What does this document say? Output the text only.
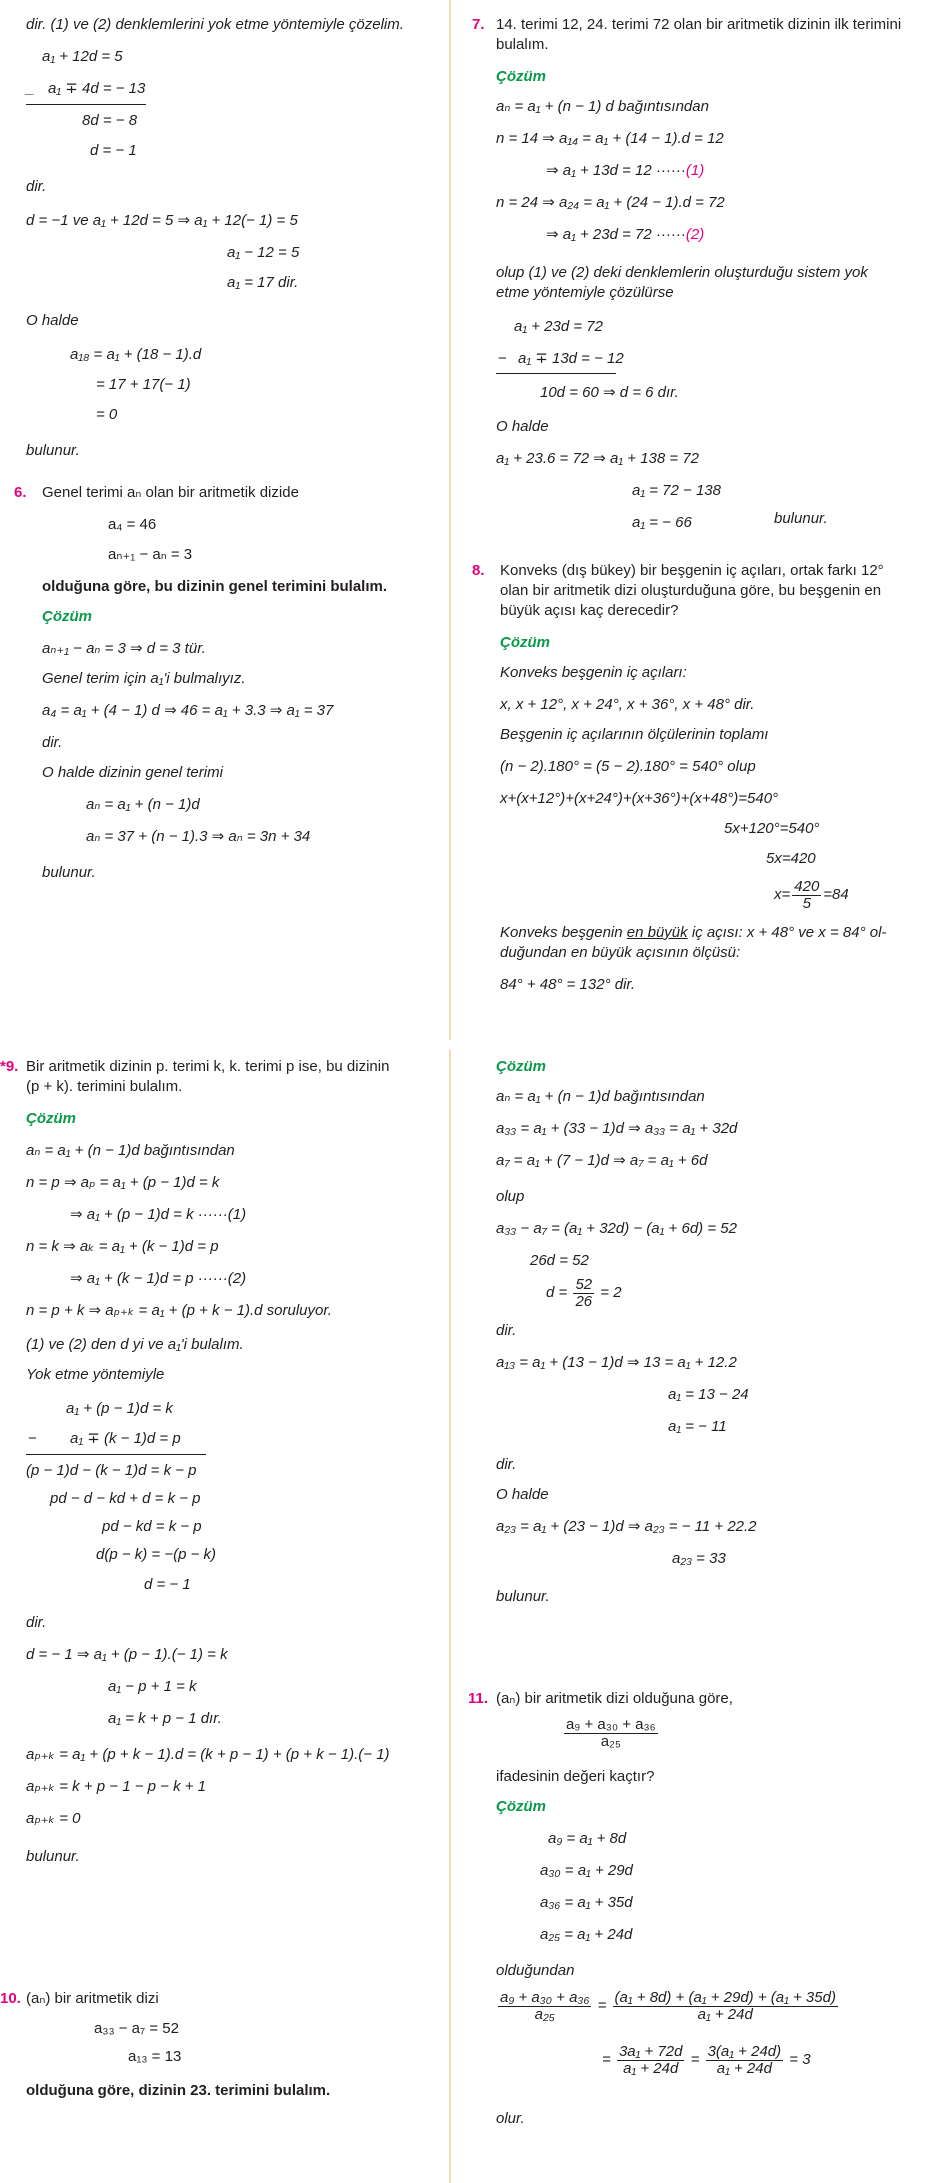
dir. (1) ve (2) denklemlerini yok etme yöntemiyle çözelim.
a₁ + 12d = 5
_ a₁ ∓ 4d = − 13
8d = − 8
d = − 1
dir.
d = −1 ve a₁ + 12d = 5 ⇒ a₁ + 12(− 1) = 5
a₁ − 12 = 5
a₁ = 17 dir.
O halde
a₁₈ = a₁ + (18 − 1).d
= 17 + 17(− 1)
= 0
bulunur.
6. Genel terimi aₙ olan bir aritmetik dizide
a₄ = 46
aₙ₊₁ − aₙ = 3
olduğuna göre, bu dizinin genel terimini bulalım.
Çözüm
aₙ₊₁ − aₙ = 3 ⇒ d = 3 tür.
Genel terim için a₁'i bulmalıyız.
a₄ = a₁ + (4 − 1) d ⇒ 46 = a₁ + 3.3 ⇒ a₁ = 37
dir.
O halde dizinin genel terimi
aₙ = a₁ + (n − 1)d
aₙ = 37 + (n − 1).3 ⇒ aₙ = 3n + 34
bulunur.
7. 14. terimi 12, 24. terimi 72 olan bir aritmetik dizinin ilk terimini
bulalım.
Çözüm
aₙ = a₁ + (n − 1) d bağıntısından
n = 14 ⇒ a₁₄ = a₁ + (14 − 1).d = 12
⇒ a₁ + 13d = 12 ······(1)
n = 24 ⇒ a₂₄ = a₁ + (24 − 1).d = 72
⇒ a₁ + 23d = 72 ······(2)
olup (1) ve (2) deki denklemlerin oluşturduğu sistem yok
etme yöntemiyle çözülürse
a₁ + 23d = 72
− a₁ ∓ 13d = − 12
10d = 60 ⇒ d = 6 dır.
O halde
a₁ + 23.6 = 72 ⇒ a₁ + 138 = 72
a₁ = 72 − 138
a₁ = − 66	bulunur.
8. Konveks (dış bükey) bir beşgenin iç açıları, ortak farkı 12°
olan bir aritmetik dizi oluşturduğuna göre, bu beşgenin en
büyük açısı kaç derecedir?
Çözüm
Konveks beşgenin iç açıları:
x, x + 12°, x + 24°, x + 36°, x + 48° dir.
Beşgenin iç açılarının ölçülerinin toplamı
(n − 2).180° = (5 − 2).180° = 540° olup
x+(x+12°)+(x+24°)+(x+36°)+(x+48°)=540°
5x+120°=540°
5x=420
$x= \frac{420}{5} =84$
Konveks beşgenin en büyük iç açısı: x + 48° ve x = 84° ol-
duğundan en büyük açısının ölçüsü:
84° + 48° = 132° dir.
*9. Bir aritmetik dizinin p. terimi k, k. terimi p ise, bu dizinin
(p + k). terimini bulalım.
Çözüm
aₙ = a₁ + (n − 1)d bağıntısından
n = p ⇒ aₚ = a₁ + (p − 1)d = k
⇒ a₁ + (p − 1)d = k ······(1)
n = k ⇒ aₖ = a₁ + (k − 1)d = p
⇒ a₁ + (k − 1)d = p ······(2)
n = p + k ⇒ aₚ₊ₖ = a₁ + (p + k − 1).d soruluyor.
(1) ve (2) den d yi ve a₁'i bulalım.
Yok etme yöntemiyle
a₁ + (p − 1)d = k
− a₁ ∓ (k − 1)d = p
(p − 1)d − (k − 1)d = k − p
pd − d − kd + d = k − p
pd − kd = k − p
d(p − k) = −(p − k)
d = − 1
dir.
d = − 1 ⇒ a₁ + (p − 1).(− 1) = k
a₁ − p + 1 = k
a₁ = k + p − 1 dır.
aₚ₊ₖ = a₁ + (p + k − 1).d = (k + p − 1) + (p + k − 1).(− 1)
aₚ₊ₖ = k + p − 1 − p − k + 1
aₚ₊ₖ = 0
bulunur.
10. (aₙ) bir aritmetik dizi
a₃₃ − a₇ = 52
a₁₃ = 13
olduğuna göre, dizinin 23. terimini bulalım.
Çözüm
aₙ = a₁ + (n − 1)d bağıntısından
a₃₃ = a₁ + (33 − 1)d ⇒ a₃₃ = a₁ + 32d
a₇ = a₁ + (7 − 1)d ⇒ a₇ = a₁ + 6d
olup
a₃₃ − a₇ = (a₁ + 32d) − (a₁ + 6d) = 52
26d = 52
$d = \frac{52}{26} = 2$
dir.
a₁₃ = a₁ + (13 − 1)d ⇒ 13 = a₁ + 12.2
a₁ = 13 − 24
a₁ = − 11
dir.
O halde
a₂₃ = a₁ + (23 − 1)d ⇒ a₂₃ = − 11 + 22.2
a₂₃ = 33
bulunur.
11. (aₙ) bir aritmetik dizi olduğuna göre,
$\frac{\text{a₉ + a₃₀ + a₃₆}}{\text{a₂₅}}$
ifadesinin değeri kaçtır?
Çözüm
a₉ = a₁ + 8d
a₃₀ = a₁ + 29d
a₃₆ = a₁ + 35d
a₂₅ = a₁ + 24d
olduğundan
$\frac{\text{a₉ + a₃₀ + a₃₆}}{\text{a₂₅}} = \frac{\text{(a₁ + 8d) + (a₁ + 29d) + (a₁ + 35d)}}{\text{a₁ + 24d}}$
= $\frac{\text{3a₁ + 72d}}{\text{a₁ + 24d}} = \frac{\text{3(a₁ + 24d)}}{\text{a₁ + 24d}} = 3$
olur.
